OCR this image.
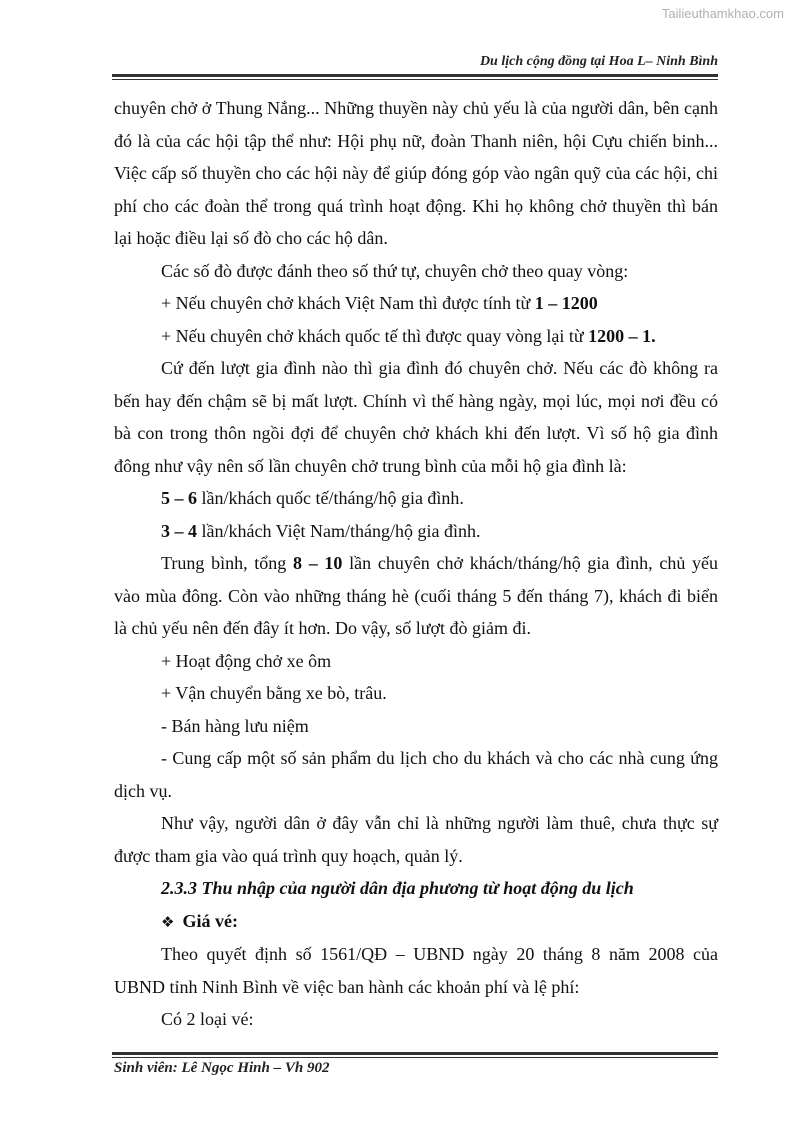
Tailieuthamkhao.com
Du lịch cộng đồng tại Hoa L– Ninh Bình

chuyên chở ở Thung Nắng... Những thuyền này chủ yếu là của người dân, bên cạnh đó là của các hội tập thể như: Hội phụ nữ, đoàn Thanh niên, hội Cựu chiến binh... Việc cấp số thuyền cho các hội này để giúp đóng góp vào ngân quỹ của các hội, chi phí cho các đoàn thể trong quá trình hoạt động. Khi họ không chở thuyền thì bán lại hoặc điều lại số đò cho các hộ dân.

Các số đò được đánh theo số thứ tự, chuyên chở theo quay vòng:

+ Nếu chuyên chở khách Việt Nam thì được tính từ 1 – 1200

+ Nếu chuyên chở khách quốc tế thì được quay vòng lại từ 1200 – 1.

Cứ đến lượt gia đình nào thì gia đình đó chuyên chở. Nếu các đò không ra bến hay đến chậm sẽ bị mất lượt. Chính vì thế hàng ngày, mọi lúc, mọi nơi đều có bà con trong thôn ngồi đợi để chuyên chở khách khi đến lượt. Vì số hộ gia đình đông như vậy nên số lần chuyên chở trung bình của mỗi hộ gia đình là:

5 – 6 lần/khách quốc tế/tháng/hộ gia đình.

3 – 4 lần/khách Việt Nam/tháng/hộ gia đình.

Trung bình, tổng 8 – 10 lần chuyên chở khách/tháng/hộ gia đình, chủ yếu vào mùa đông. Còn vào những tháng hè (cuối tháng 5 đến tháng 7), khách đi biển là chủ yếu nên đến đây ít hơn. Do vậy, số lượt đò giảm đi.

+ Hoạt động chở xe ôm

+ Vận chuyển bằng xe bò, trâu.

- Bán hàng lưu niệm

- Cung cấp một số sản phẩm du lịch cho du khách và cho các nhà cung ứng dịch vụ.

Như vậy, người dân ở đây vẫn chỉ là những người làm thuê, chưa thực sự được tham gia vào quá trình quy hoạch, quản lý.

2.3.3 Thu nhập của người dân địa phương từ hoạt động du lịch

❖ Giá vé:

Theo quyết định số 1561/QĐ – UBND ngày 20 tháng 8 năm 2008 của UBND tỉnh Ninh Bình về việc ban hành các khoản phí và lệ phí:

Có 2 loại vé:

Sinh viên: Lê Ngọc Hinh – Vh 902
